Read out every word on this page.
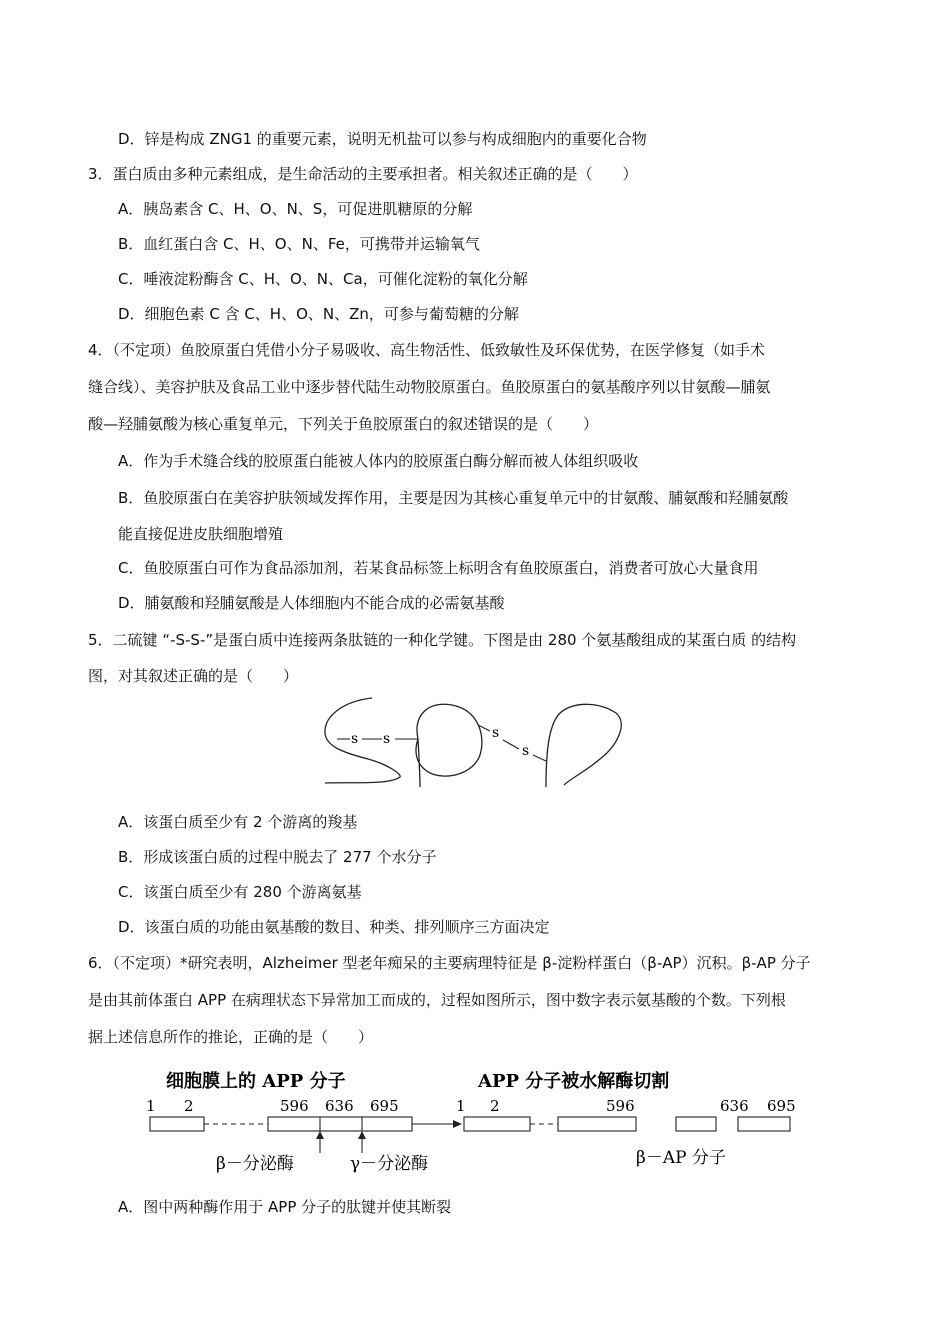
D．锌是构成 ZNG1 的重要元素，说明无机盐可以参与构成细胞内的重要化合物
3．蛋白质由多种元素组成，是生命活动的主要承担者。相关叙述正确的是（　　）
A．胰岛素含 C、H、O、N、S，可促进肌糖原的分解
B．血红蛋白含 C、H、O、N、Fe，可携带并运输氧气
C．唾液淀粉酶含 C、H、O、N、Ca，可催化淀粉的氧化分解
D．细胞色素 C 含 C、H、O、N、Zn，可参与葡萄糖的分解
4．（不定项）鱼胶原蛋白凭借小分子易吸收、高生物活性、低致敏性及环保优势，在医学修复（如手术
缝合线）、美容护肤及食品工业中逐步替代陆生动物胶原蛋白。鱼胶原蛋白的氨基酸序列以甘氨酸—脯氨
酸—羟脯氨酸为核心重复单元，下列关于鱼胶原蛋白的叙述错误的是（　　）
A．作为手术缝合线的胶原蛋白能被人体内的胶原蛋白酶分解而被人体组织吸收
B．鱼胶原蛋白在美容护肤领域发挥作用，主要是因为其核心重复单元中的甘氨酸、脯氨酸和羟脯氨酸
能直接促进皮肤细胞增殖
C．鱼胶原蛋白可作为食品添加剂，若某食品标签上标明含有鱼胶原蛋白，消费者可放心大量食用
D．脯氨酸和羟脯氨酸是人体细胞内不能合成的必需氨基酸
5．二硫键 “-S-S-”是蛋白质中连接两条肽链的一种化学键。下图是由 280 个氨基酸组成的某蛋白质 的结构
图，对其叙述正确的是（　　）
s s	s
s
A．该蛋白质至少有 2 个游离的羧基
B．形成该蛋白质的过程中脱去了 277 个水分子
C．该蛋白质至少有 280 个游离氨基
D．该蛋白质的功能由氨基酸的数目、种类、排列顺序三方面决定
6．（不定项）*研究表明，Alzheimer 型老年痴呆的主要病理特征是 β-淀粉样蛋白（β-AP）沉积。β-AP 分子
是由其前体蛋白 APP 在病理状态下异常加工而成的，过程如图所示，图中数字表示氨基酸的个数。下列根
据上述信息所作的推论，正确的是（　　）
细胞膜上的 APP 分子	APP 分子被水解酶切割
1 2	596 636 695
β－分泌酶	γ－分泌酶
1 2	596	636 695
β－AP 分子
A．图中两种酶作用于 APP 分子的肽键并使其断裂
